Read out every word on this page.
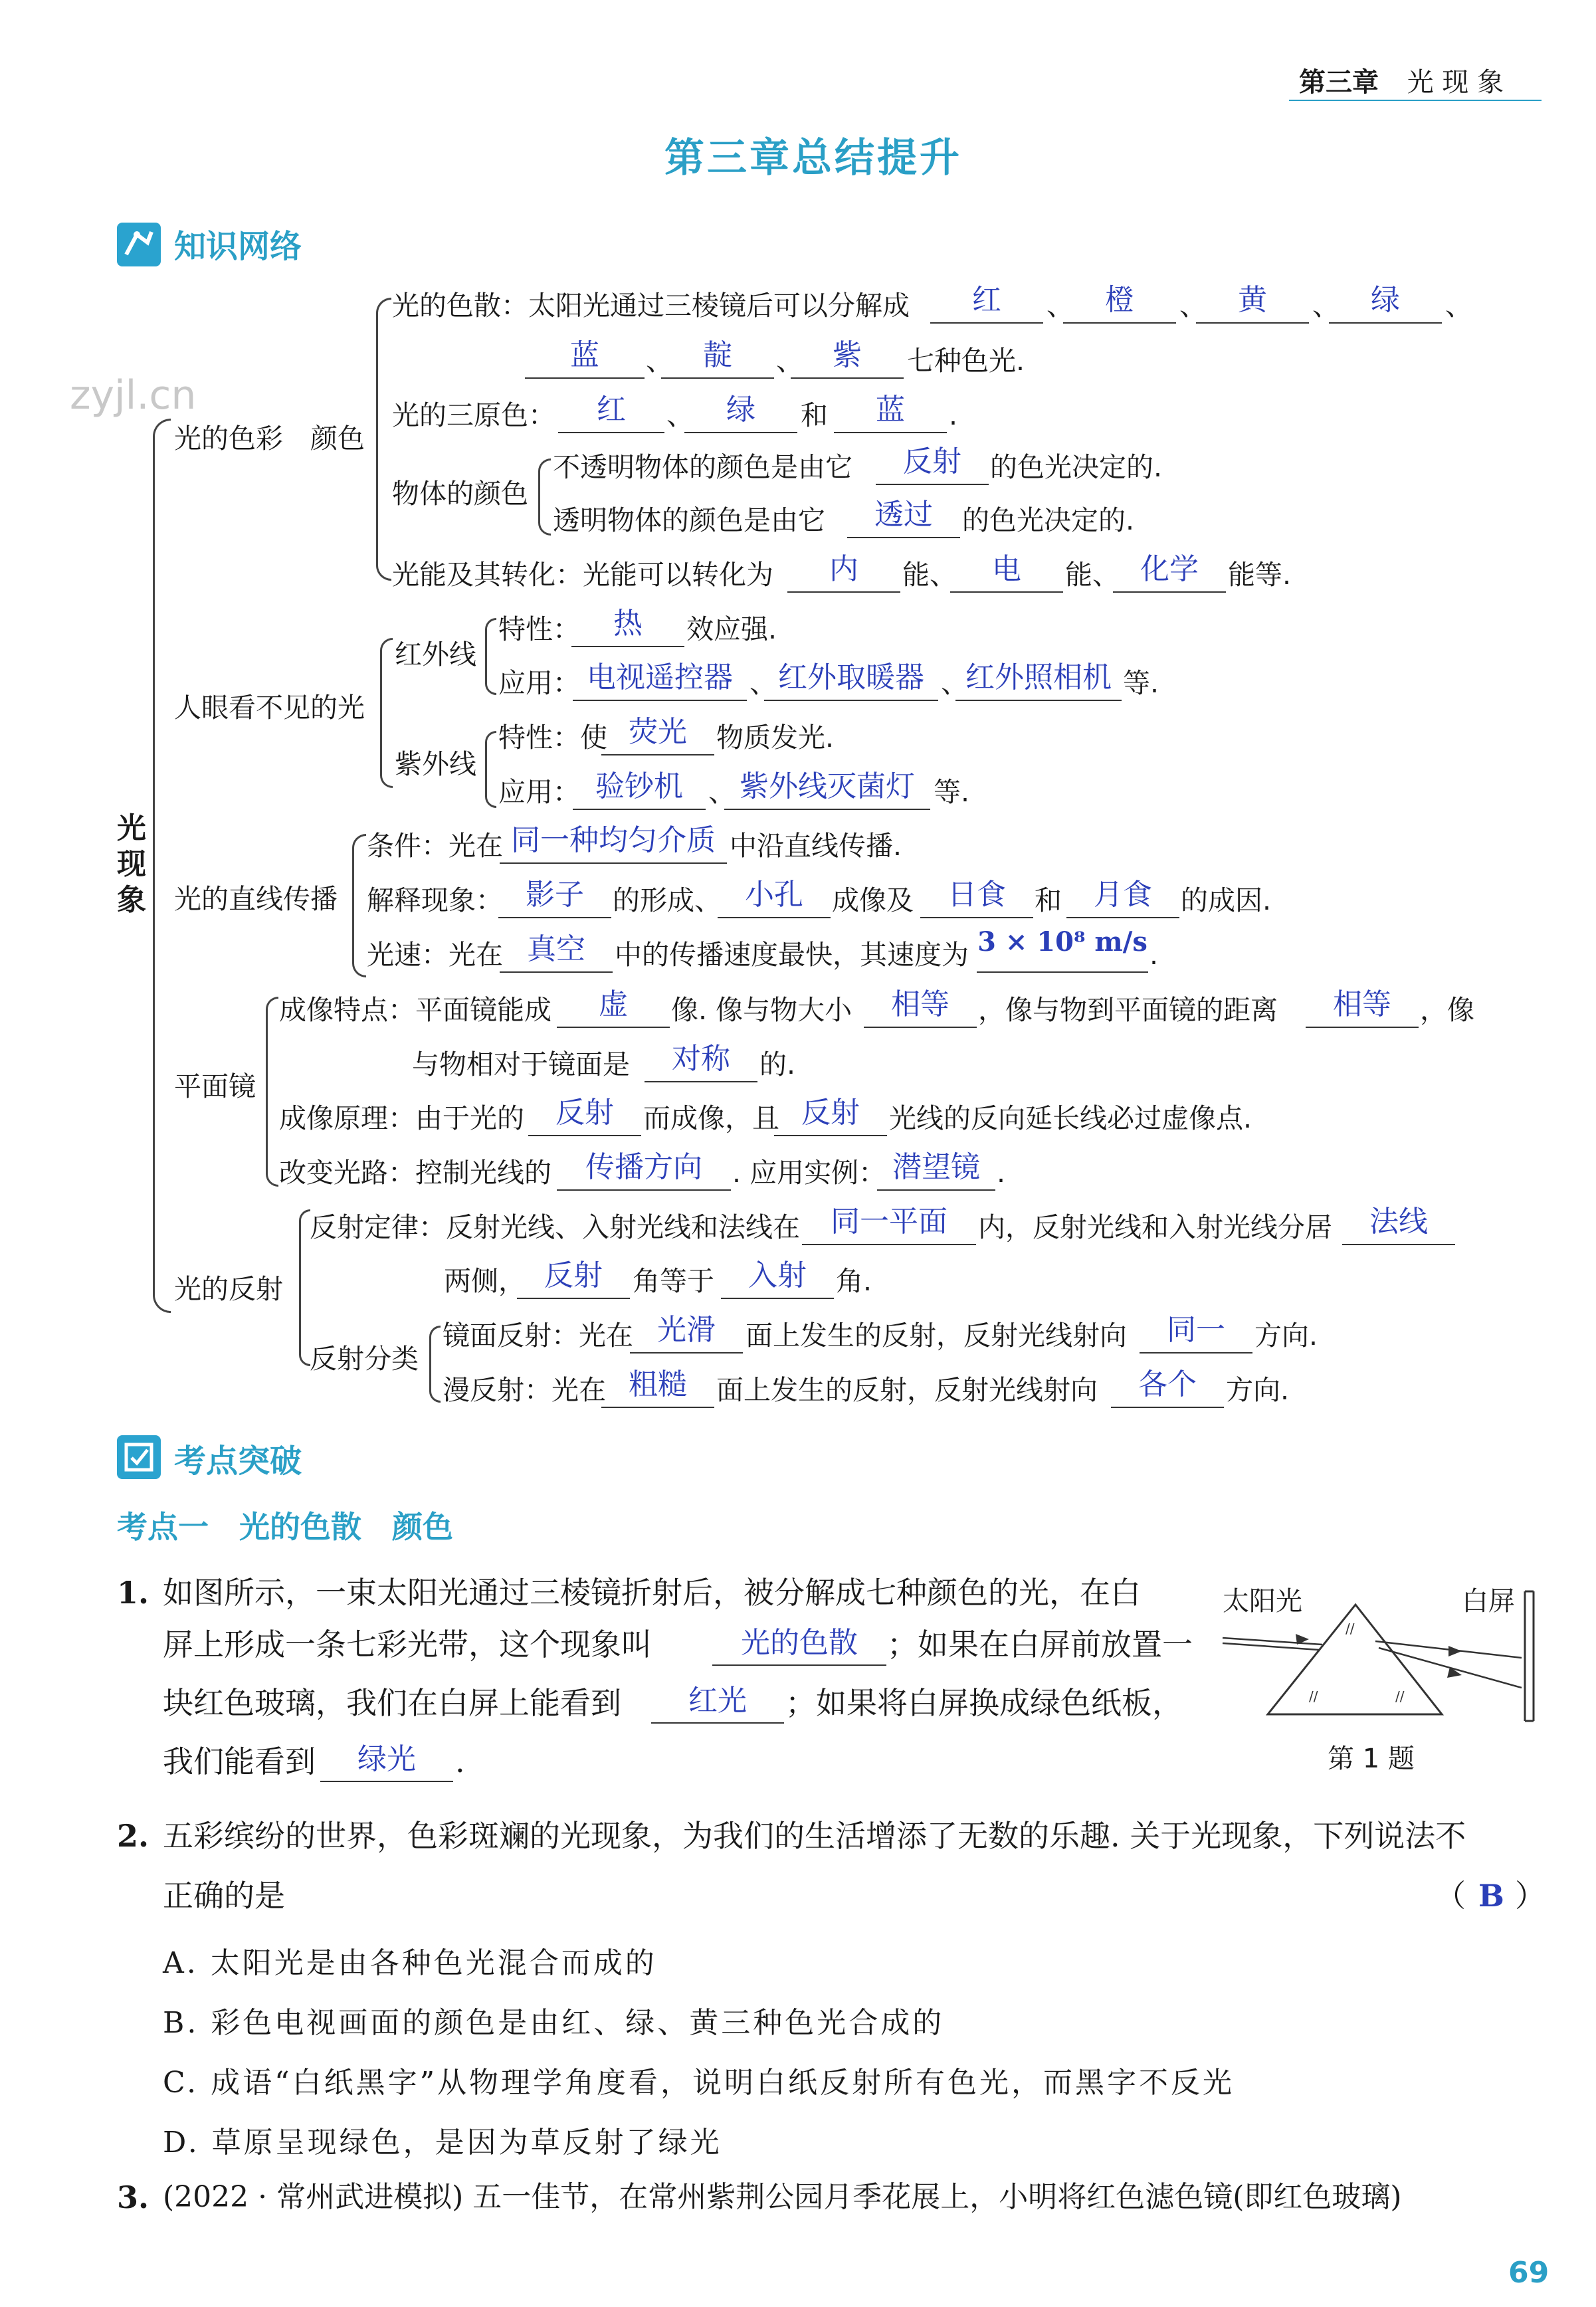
第三章 光 现 象
第三章总结提升
zyjl.cn
知识网络
光现象
光的色彩　颜色
光的色散：太阳光通过三棱镜后可以分解成	红	、	橙	、	黄	、	绿	、
蓝	、	靛	、	紫	七种色光.
光的三原色：	红	、	绿	和	蓝	.
物体的颜色
不透明物体的颜色是由它	反射	的色光决定的.
透明物体的颜色是由它	透过	的色光决定的.
光能及其转化：光能可以转化为	内	能、	电	能、 化学	能等.
人眼看不见的光
红外线
特性：	热	效应强.
应用： 电视遥控器 、 红外取暖器 、
红外照相机 等.
紫外线
特性：使 荧光	物质发光.
应用： 验钞机 、 紫外线灭菌灯 等.
光的直线传播
条件：光在 同一种均匀介质 中沿直线传播.
解释现象： 影子	的形成、 小孔	成像及	日食	和	月食	的成因.
光速：光在 真空	中的传播速度最快，其速度为 3 × 10⁸ m/s .
平面镜
成像特点：平面镜能成	虚	像. 像与物大小	相等	，像与物到平面镜的距离	相等	，像
与物相对于镜面是	对称	的.
成像原理：由于光的	反射	而成像，且 反射	光线的反向延长线必过虚像点.
改变光路：控制光线的	传播方向	. 应用实例： 潜望镜 .
光的反射
反射定律：反射光线、入射光线和法线在	同一平面	内，反射光线和入射光线分居	法线
两侧， 反射	角等于	入射	角.
反射分类
镜面反射：光在 光滑	面上发生的反射，反射光线射向	同一	方向.
漫反射：光在 粗糙	面上发生的反射，反射光线射向	各个	方向.
考点突破
考点一　光的色散　颜色
1. 如图所示，一束太阳光通过三棱镜折射后，被分解成七种颜色的光，在白
屏上形成一条七彩光带，这个现象叫	光的色散 ；如果在白屏前放置一
块红色玻璃，我们在白屏上能看到	红光	；如果将白屏换成绿色纸板，
我们能看到	绿光	.
//
//	//
太阳光	白屏
第 1 题
2. 五彩缤纷的世界，色彩斑斓的光现象，为我们的生活增添了无数的乐趣. 关于光现象，下列说法不
正确的是	（ B ）
A. 太阳光是由各种色光混合而成的
B. 彩色电视画面的颜色是由红、绿、黄三种色光合成的
C. 成语“白纸黑字”从物理学角度看，说明白纸反射所有色光，而黑字不反光
D. 草原呈现绿色，是因为草反射了绿光
3. (2022 · 常州武进模拟) 五一佳节，在常州紫荆公园月季花展上，小明将红色滤色镜(即红色玻璃)
69
